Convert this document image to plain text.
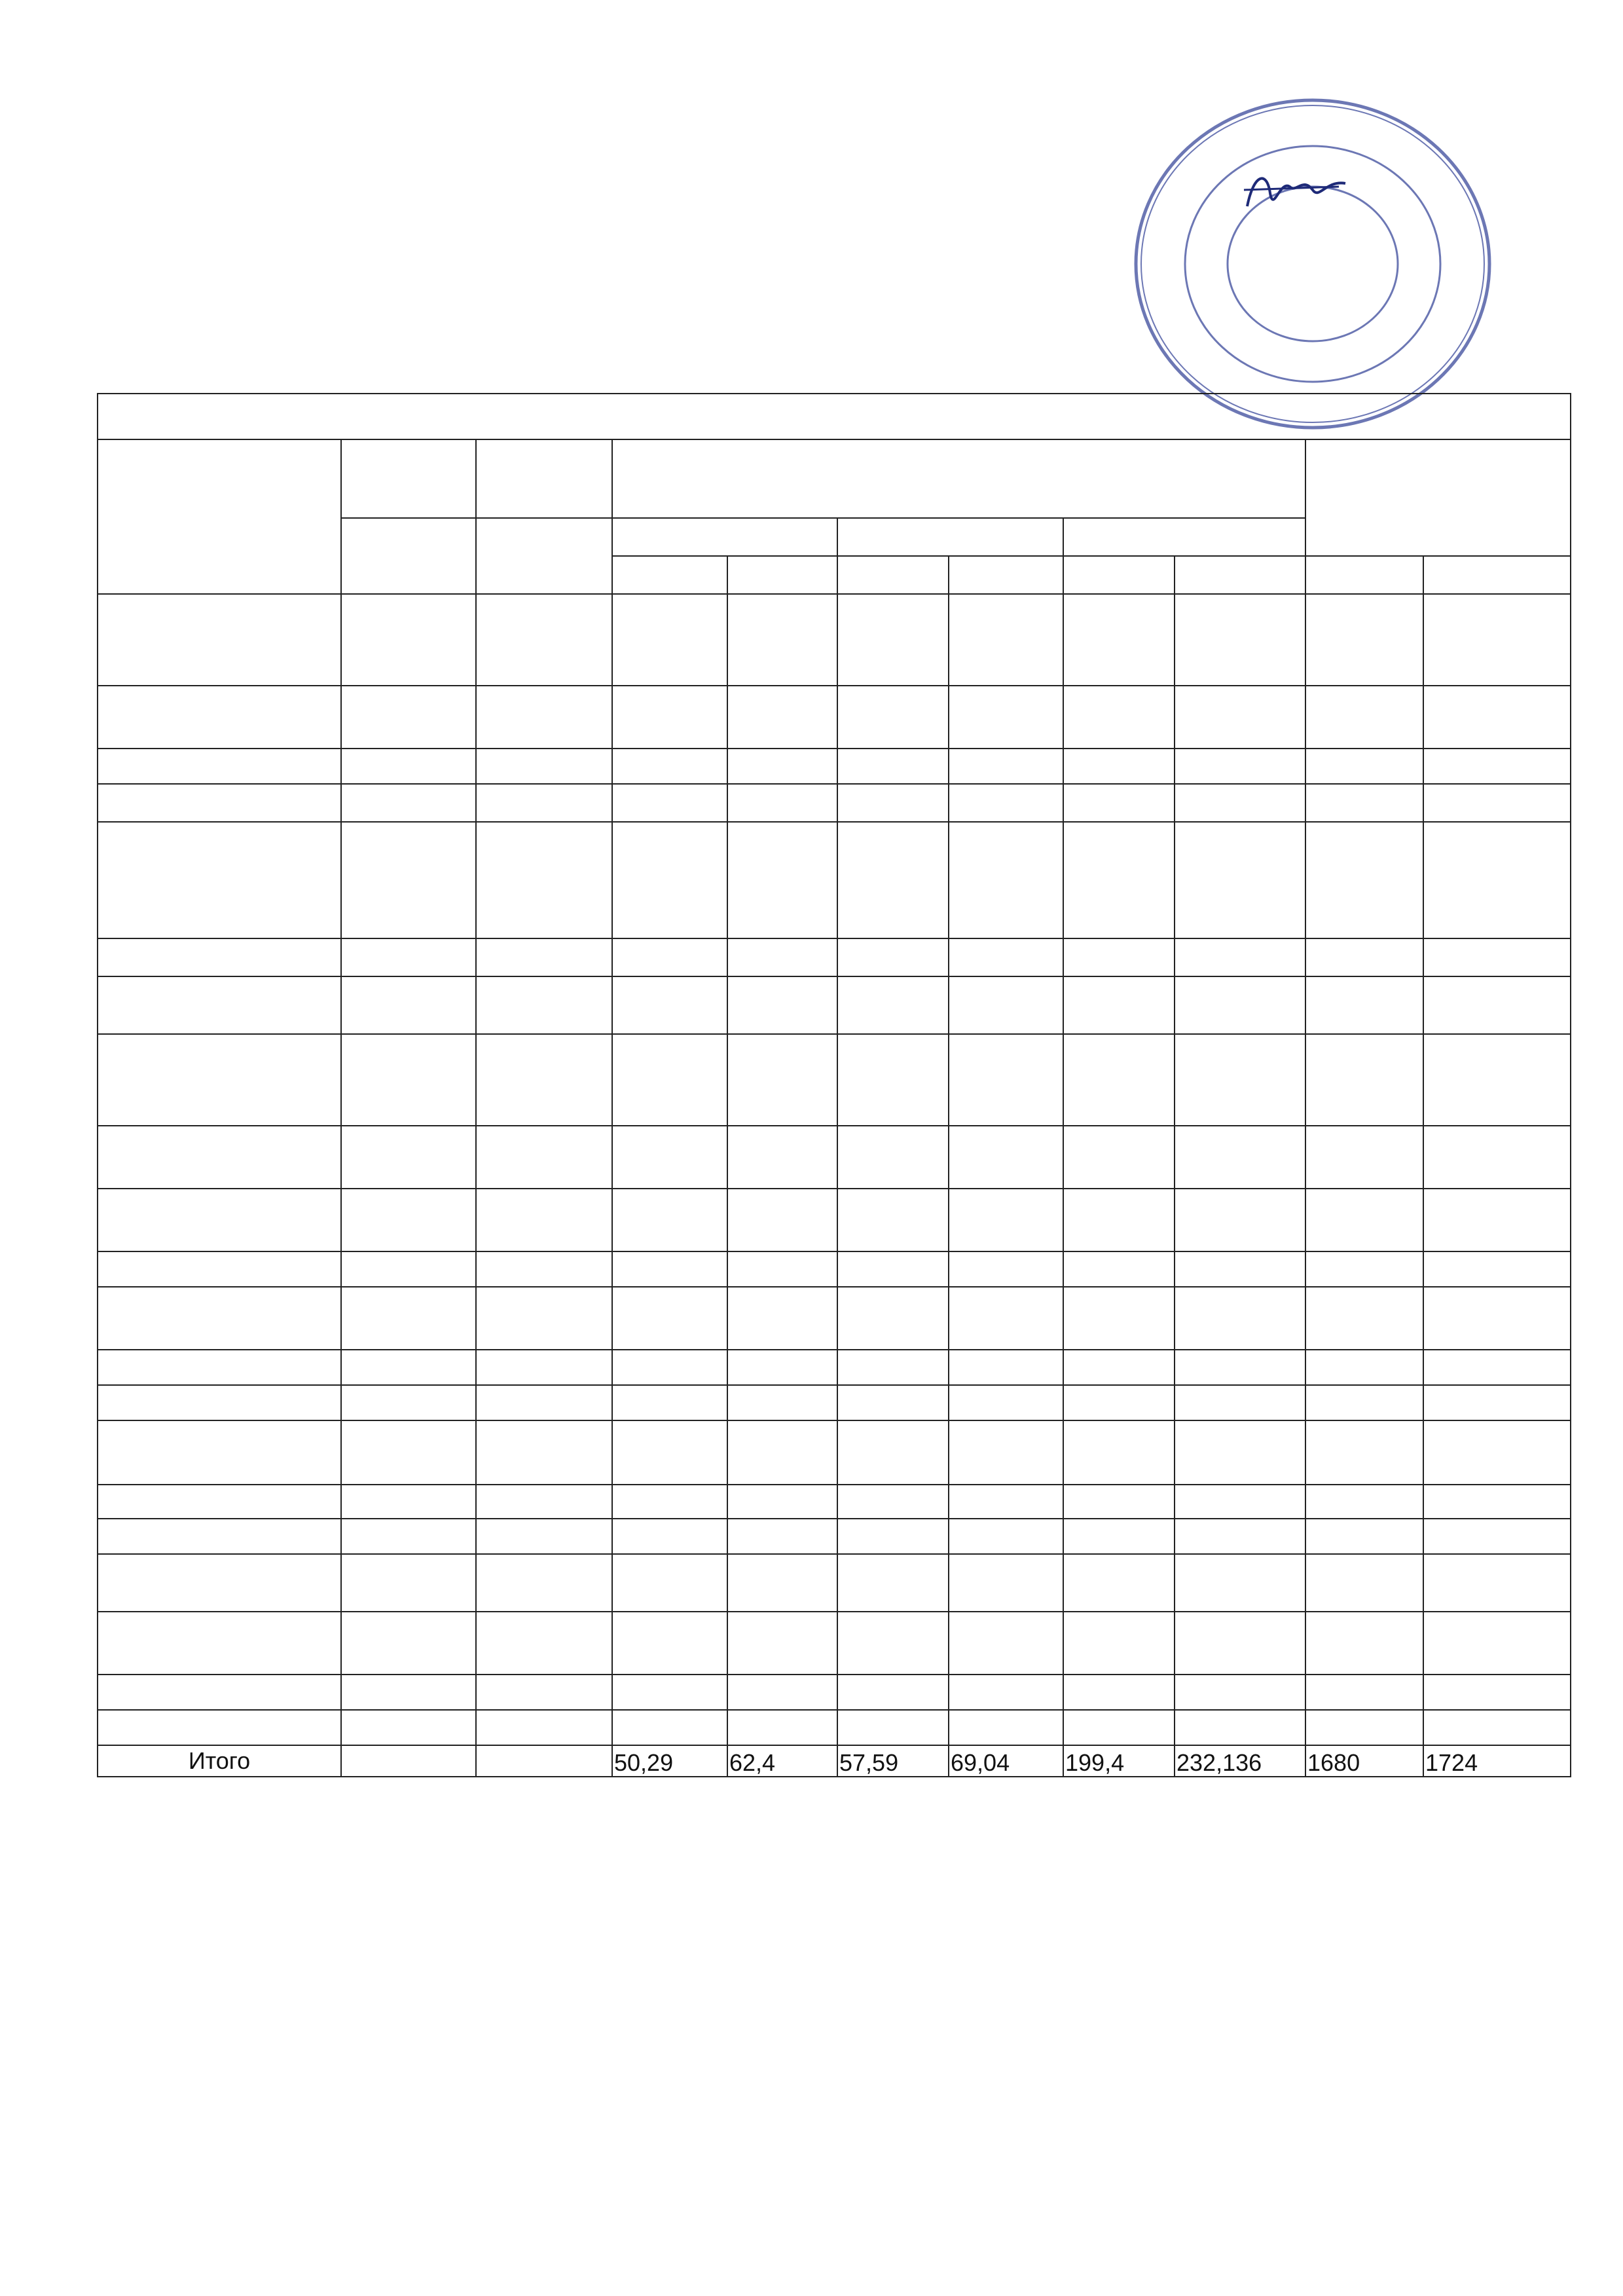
Итого			50,29	62,4	57,59	69,04	199,4	232,136	1680	1724
